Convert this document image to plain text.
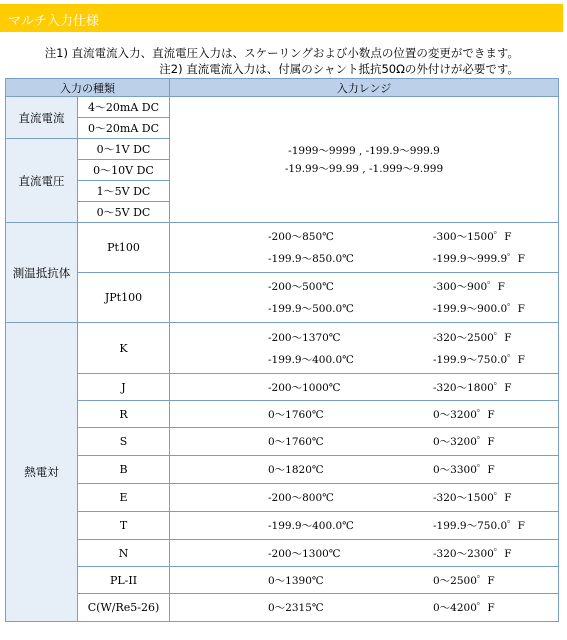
マルチ入力仕様
注1) 直流電流入力、直流電圧入力は、スケーリングおよび小数点の位置の変更ができます。
注2) 直流電流入力は、付属のシャント抵抗50Ωの外付けが必要です。
入力の種類		入力レンジ
直流電流	4～20mA DC	-1999～9999 , -199.9～999.9
-19.99～99.99 , -1.999～9.999

	0～20mA DC	
直流電圧	0～1V DC	
	0～10V DC	
	1～5V DC	
	0～5V DC	
測温抵抗体	Pt100	-200～850℃ -300～1500゜F
-199.9～850.0℃ -199.9～999.9゜F

	JPt100	-200～500℃ -300～900゜F
-199.9～500.0℃ -199.9～900.0゜F

熱電対	K	-200～1370℃ -320～2500゜F
-199.9～400.0℃ -199.9～750.0゜F

	J	-200～1000℃ -320～1800゜F

	R	0～1760℃ 0～3200゜F

	S	0～1760℃ 0～3200゜F

	B	0～1820℃ 0～3300゜F

	E	-200～800℃ -320～1500゜F

	T	-199.9～400.0℃ -199.9～750.0゜F

	N	-200～1300℃ -320～2300゜F

	PL-II	0～1390℃ 0～2500゜F

	C(W/Re5-26)	0～2315℃ 0～4200゜F
